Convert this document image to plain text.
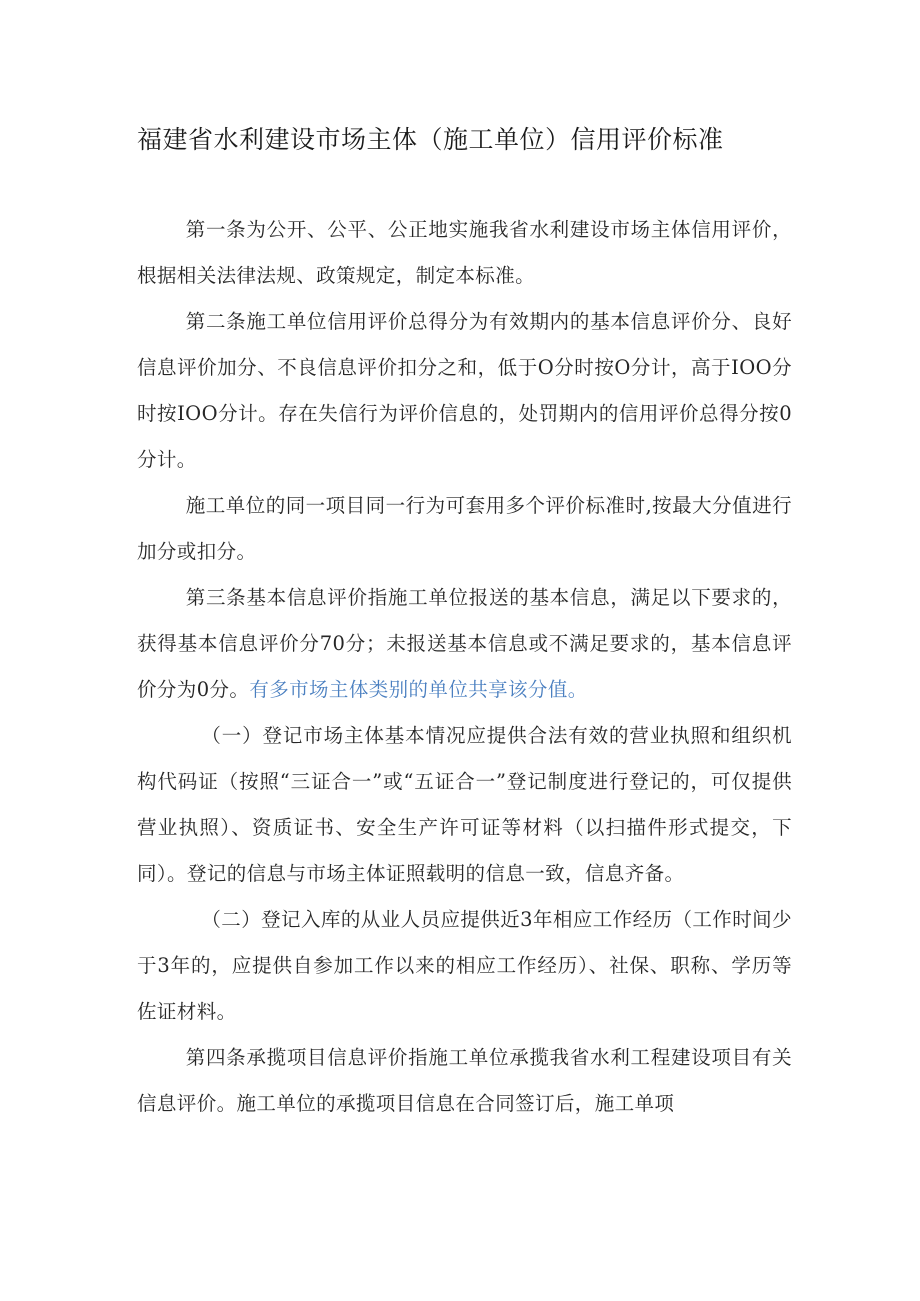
福建省水利建设市场主体（施工单位）信用评价标准

第一条为公开、公平、公正地实施我省水利建设市场主体信用评价，根据相关法律法规、政策规定，制定本标准。

第二条施工单位信用评价总得分为有效期内的基本信息评价分、良好信息评价加分、不良信息评价扣分之和，低于O分时按O分计，高于IOO分时按IOO分计。存在失信行为评价信息的，处罚期内的信用评价总得分按0分计。

施工单位的同一项目同一行为可套用多个评价标准时,按最大分值进行加分或扣分。

第三条基本信息评价指施工单位报送的基本信息，满足以下要求的，获得基本信息评价分70分；未报送基本信息或不满足要求的，基本信息评价分为0分。有多市场主体类别的单位共享该分值。

（一）登记市场主体基本情况应提供合法有效的营业执照和组织机构代码证（按照“三证合一”或“五证合一”登记制度进行登记的，可仅提供营业执照）、资质证书、安全生产许可证等材料（以扫描件形式提交，下同）。登记的信息与市场主体证照载明的信息一致，信息齐备。

（二）登记入库的从业人员应提供近3年相应工作经历（工作时间少于3年的，应提供自参加工作以来的相应工作经历）、社保、职称、学历等佐证材料。

第四条承揽项目信息评价指施工单位承揽我省水利工程建设项目有关信息评价。施工单位的承揽项目信息在合同签订后，施工单项
